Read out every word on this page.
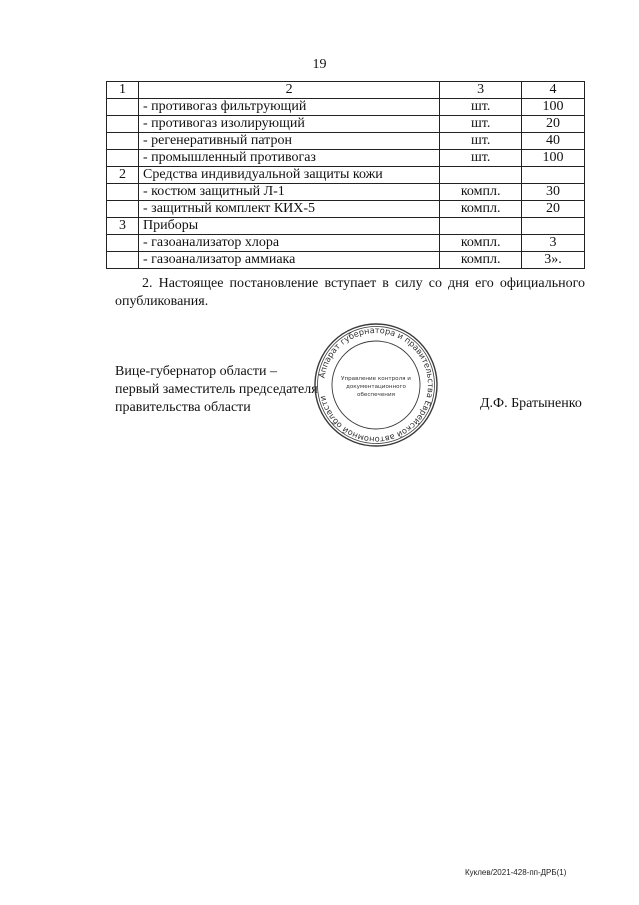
19
1	2	3	4
	- противогаз фильтрующий	шт.	100
	- противогаз изолирующий	шт.	20
	- регенеративный патрон	шт.	40
	- промышленный противогаз	шт.	100
2	Средства индивидуальной защиты кожи		
	- костюм защитный Л-1	компл.	30
	- защитный комплект КИХ-5	компл.	20
3	Приборы		
	- газоанализатор хлора	компл.	3
	- газоанализатор аммиака	компл.	3».

2. Настоящее постановление вступает в силу со дня его официального опубликования.

Вице-губернатор области –
первый заместитель председателя
правительства области	Д.Ф. Братыненко
Аппарат губернатора и правительства Еврейской автономной области
Управление контроля и
документационного
обеспечения
Куклев/2021-428-пп-ДРБ(1)
